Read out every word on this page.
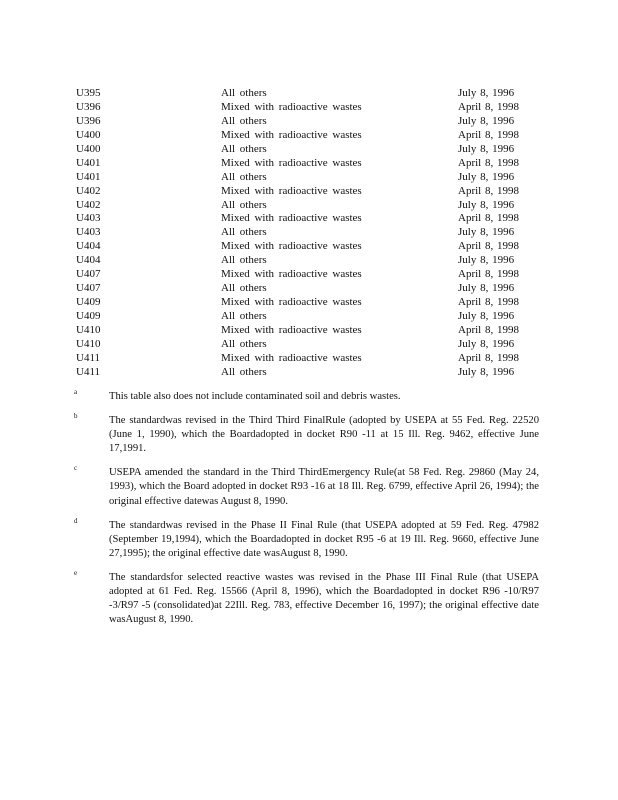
U395	All others	July 8, 1996
U396	Mixed with radioactive wastes	April 8, 1998
U396	All others	July 8, 1996
U400	Mixed with radioactive wastes	April 8, 1998
U400	All others	July 8, 1996
U401	Mixed with radioactive wastes	April 8, 1998
U401	All others	July 8, 1996
U402	Mixed with radioactive wastes	April 8, 1998
U402	All others	July 8, 1996
U403	Mixed with radioactive wastes	April 8, 1998
U403	All others	July 8, 1996
U404	Mixed with radioactive wastes	April 8, 1998
U404	All others	July 8, 1996
U407	Mixed with radioactive wastes	April 8, 1998
U407	All others	July 8, 1996
U409	Mixed with radioactive wastes	April 8, 1998
U409	All others	July 8, 1996
U410	Mixed with radioactive wastes	April 8, 1998
U410	All others	July 8, 1996
U411	Mixed with radioactive wastes	April 8, 1998
U411	All others	July 8, 1996
a	This table also does not include contaminated soil and debris wastes.
b	The standardwas revised in the Third Third FinalRule (adopted by USEPA at 55 Fed. Reg. 22520 (June 1, 1990), which the Boardadopted in docket R90 -11 at 15 Ill. Reg. 9462, effective June 17,1991.
c	USEPA amended the standard in the Third ThirdEmergency Rule(at 58 Fed. Reg. 29860 (May 24, 1993), which the Board adopted in docket R93 -16 at 18 Ill. Reg. 6799, effective April 26, 1994); the original effective datewas August 8, 1990.
d	The standardwas revised in the Phase II Final Rule (that USEPA adopted at 59 Fed. Reg. 47982 (September 19,1994), which the Boardadopted in docket R95 -6 at 19 Ill. Reg. 9660, effective June 27,1995); the original effective date wasAugust 8, 1990.
e	The standardsfor selected reactive wastes was revised in the Phase III Final Rule (that USEPA adopted at 61 Fed. Reg. 15566 (April 8, 1996), which the Boardadopted in docket R96 -10/R97 -3/R97 -5 (consolidated)at 22Ill. Reg. 783, effective December 16, 1997); the original effective date wasAugust 8, 1990.
